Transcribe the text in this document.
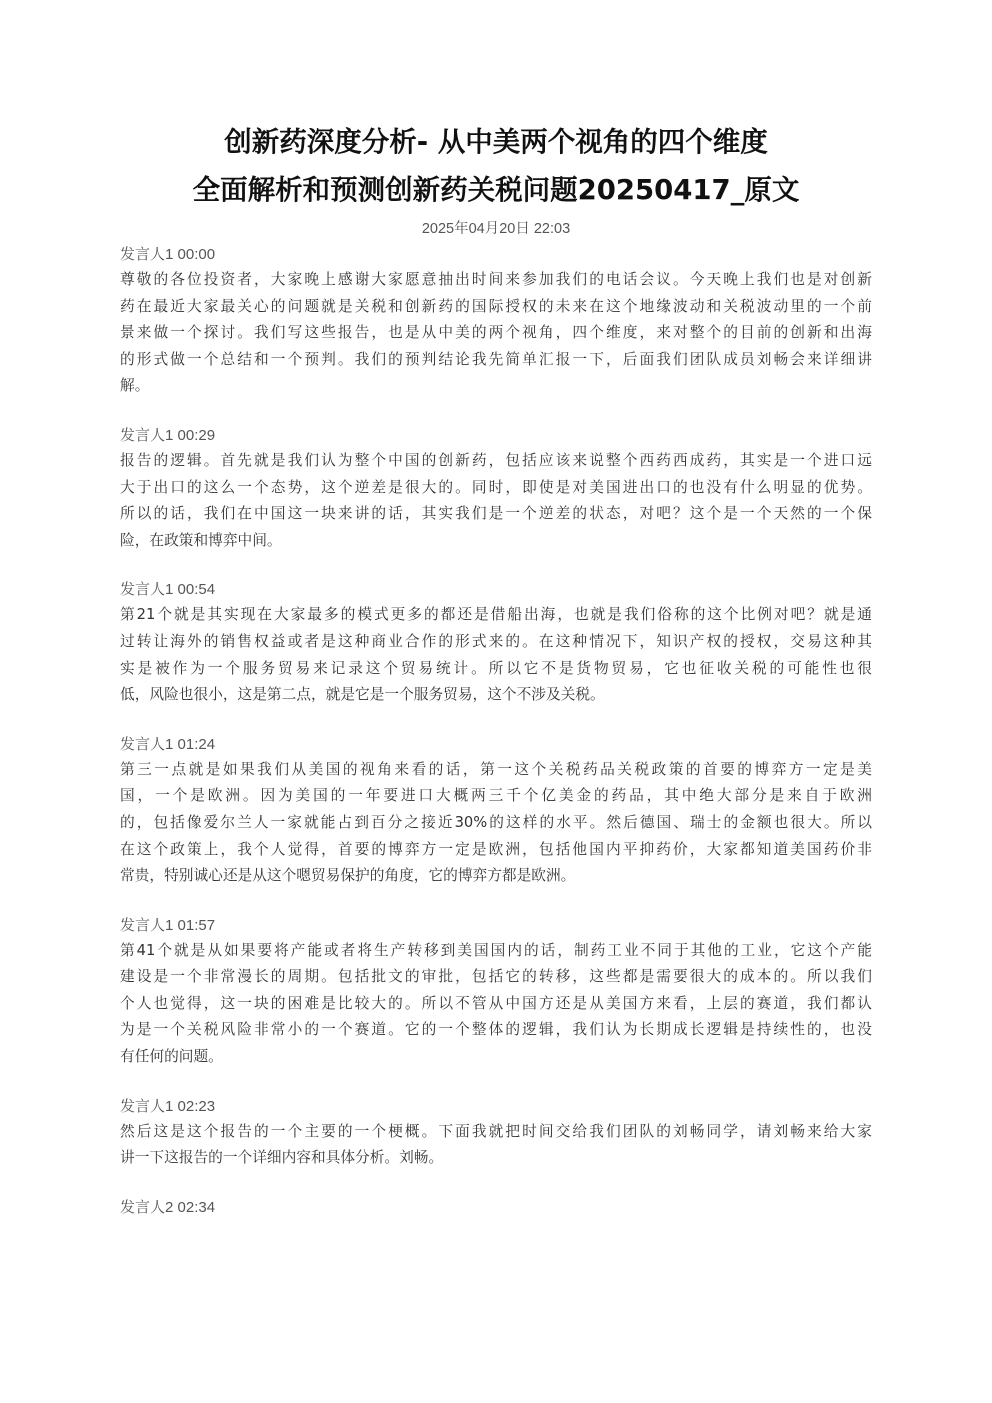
创新药深度分析- 从中美两个视角的四个维度
全面解析和预测创新药关税问题20250417_原文
2025年04月20日 22:03
发言人1 00:00
尊敬的各位投资者，大家晚上感谢大家愿意抽出时间来参加我们的电话会议。今天晚上我们也是对创新
药在最近大家最关心的问题就是关税和创新药的国际授权的未来在这个地缘波动和关税波动里的一个前
景来做一个探讨。我们写这些报告，也是从中美的两个视角，四个维度，来对整个的目前的创新和出海
的形式做一个总结和一个预判。我们的预判结论我先简单汇报一下，后面我们团队成员刘畅会来详细讲
解。
发言人1 00:29
报告的逻辑。首先就是我们认为整个中国的创新药，包括应该来说整个西药西成药，其实是一个进口远
大于出口的这么一个态势，这个逆差是很大的。同时，即使是对美国进出口的也没有什么明显的优势。
所以的话，我们在中国这一块来讲的话，其实我们是一个逆差的状态，对吧？这个是一个天然的一个保
险，在政策和博弈中间。
发言人1 00:54
第21个就是其实现在大家最多的模式更多的都还是借船出海，也就是我们俗称的这个比例对吧？就是通
过转让海外的销售权益或者是这种商业合作的形式来的。在这种情况下，知识产权的授权，交易这种其
实是被作为一个服务贸易来记录这个贸易统计。所以它不是货物贸易，它也征收关税的可能性也很
低，风险也很小，这是第二点，就是它是一个服务贸易，这个不涉及关税。
发言人1 01:24
第三一点就是如果我们从美国的视角来看的话，第一这个关税药品关税政策的首要的博弈方一定是美
国，一个是欧洲。因为美国的一年要进口大概两三千个亿美金的药品，其中绝大部分是来自于欧洲
的，包括像爱尔兰人一家就能占到百分之接近30%的这样的水平。然后德国、瑞士的金额也很大。所以
在这个政策上，我个人觉得，首要的博弈方一定是欧洲，包括他国内平抑药价，大家都知道美国药价非
常贵，特别诚心还是从这个嗯贸易保护的角度，它的博弈方都是欧洲。
发言人1 01:57
第41个就是从如果要将产能或者将生产转移到美国国内的话，制药工业不同于其他的工业，它这个产能
建设是一个非常漫长的周期。包括批文的审批，包括它的转移，这些都是需要很大的成本的。所以我们
个人也觉得，这一块的困难是比较大的。所以不管从中国方还是从美国方来看，上层的赛道，我们都认
为是一个关税风险非常小的一个赛道。它的一个整体的逻辑，我们认为长期成长逻辑是持续性的，也没
有任何的问题。
发言人1 02:23
然后这是这个报告的一个主要的一个梗概。下面我就把时间交给我们团队的刘畅同学，请刘畅来给大家
讲一下这报告的一个详细内容和具体分析。刘畅。
发言人2 02:34
